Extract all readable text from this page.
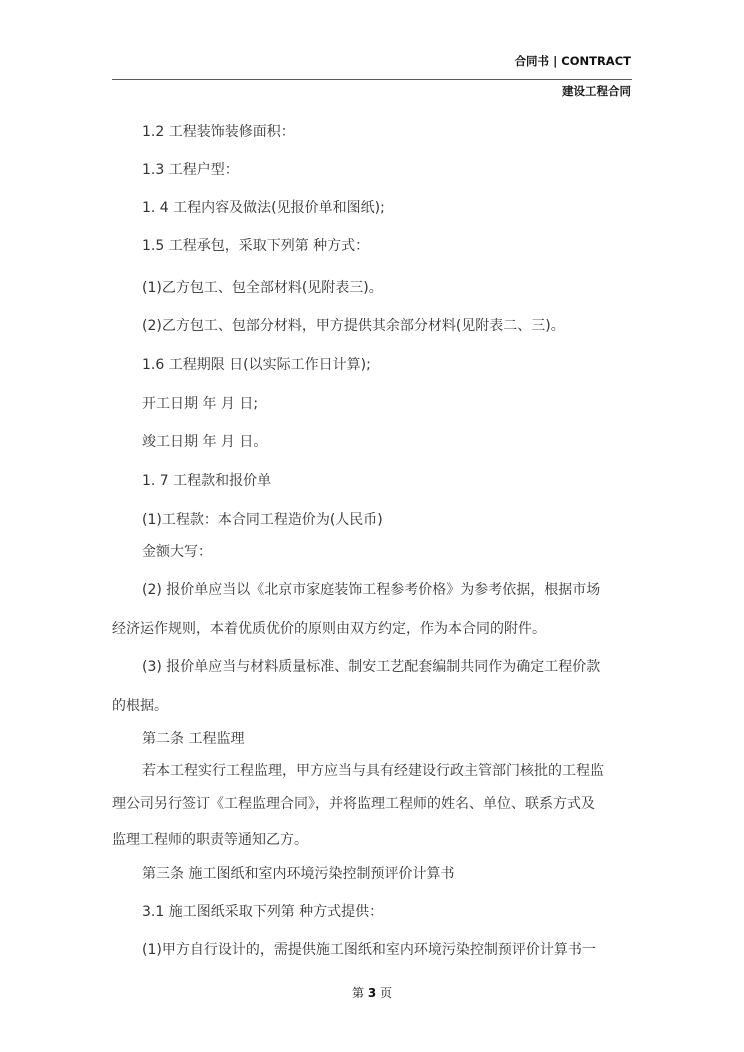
合同书 | CONTRACT
建设工程合同
1.2 工程装饰装修面积：
1.3 工程户型：
1. 4 工程内容及做法(见报价单和图纸);
1.5 工程承包，采取下列第 种方式：
(1)乙方包工、包全部材料(见附表三)。
(2)乙方包工、包部分材料，甲方提供其余部分材料(见附表二、三)。
1.6 工程期限 日(以实际工作日计算);
开工日期 年 月 日;
竣工日期 年 月 日。
1. 7 工程款和报价单
(1)工程款：本合同工程造价为(人民币)
金额大写：
(2) 报价单应当以《北京市家庭装饰工程参考价格》为参考依据，根据市场
经济运作规则，本着优质优价的原则由双方约定，作为本合同的附件。
(3) 报价单应当与材料质量标准、制安工艺配套编制共同作为确定工程价款
的根据。
第二条 工程监理
若本工程实行工程监理，甲方应当与具有经建设行政主管部门核批的工程监
理公司另行签订《工程监理合同》，并将监理工程师的姓名、单位、联系方式及
监理工程师的职责等通知乙方。
第三条 施工图纸和室内环境污染控制预评价计算书
3.1 施工图纸采取下列第 种方式提供：
(1)甲方自行设计的，需提供施工图纸和室内环境污染控制预评价计算书一
第 3 页
